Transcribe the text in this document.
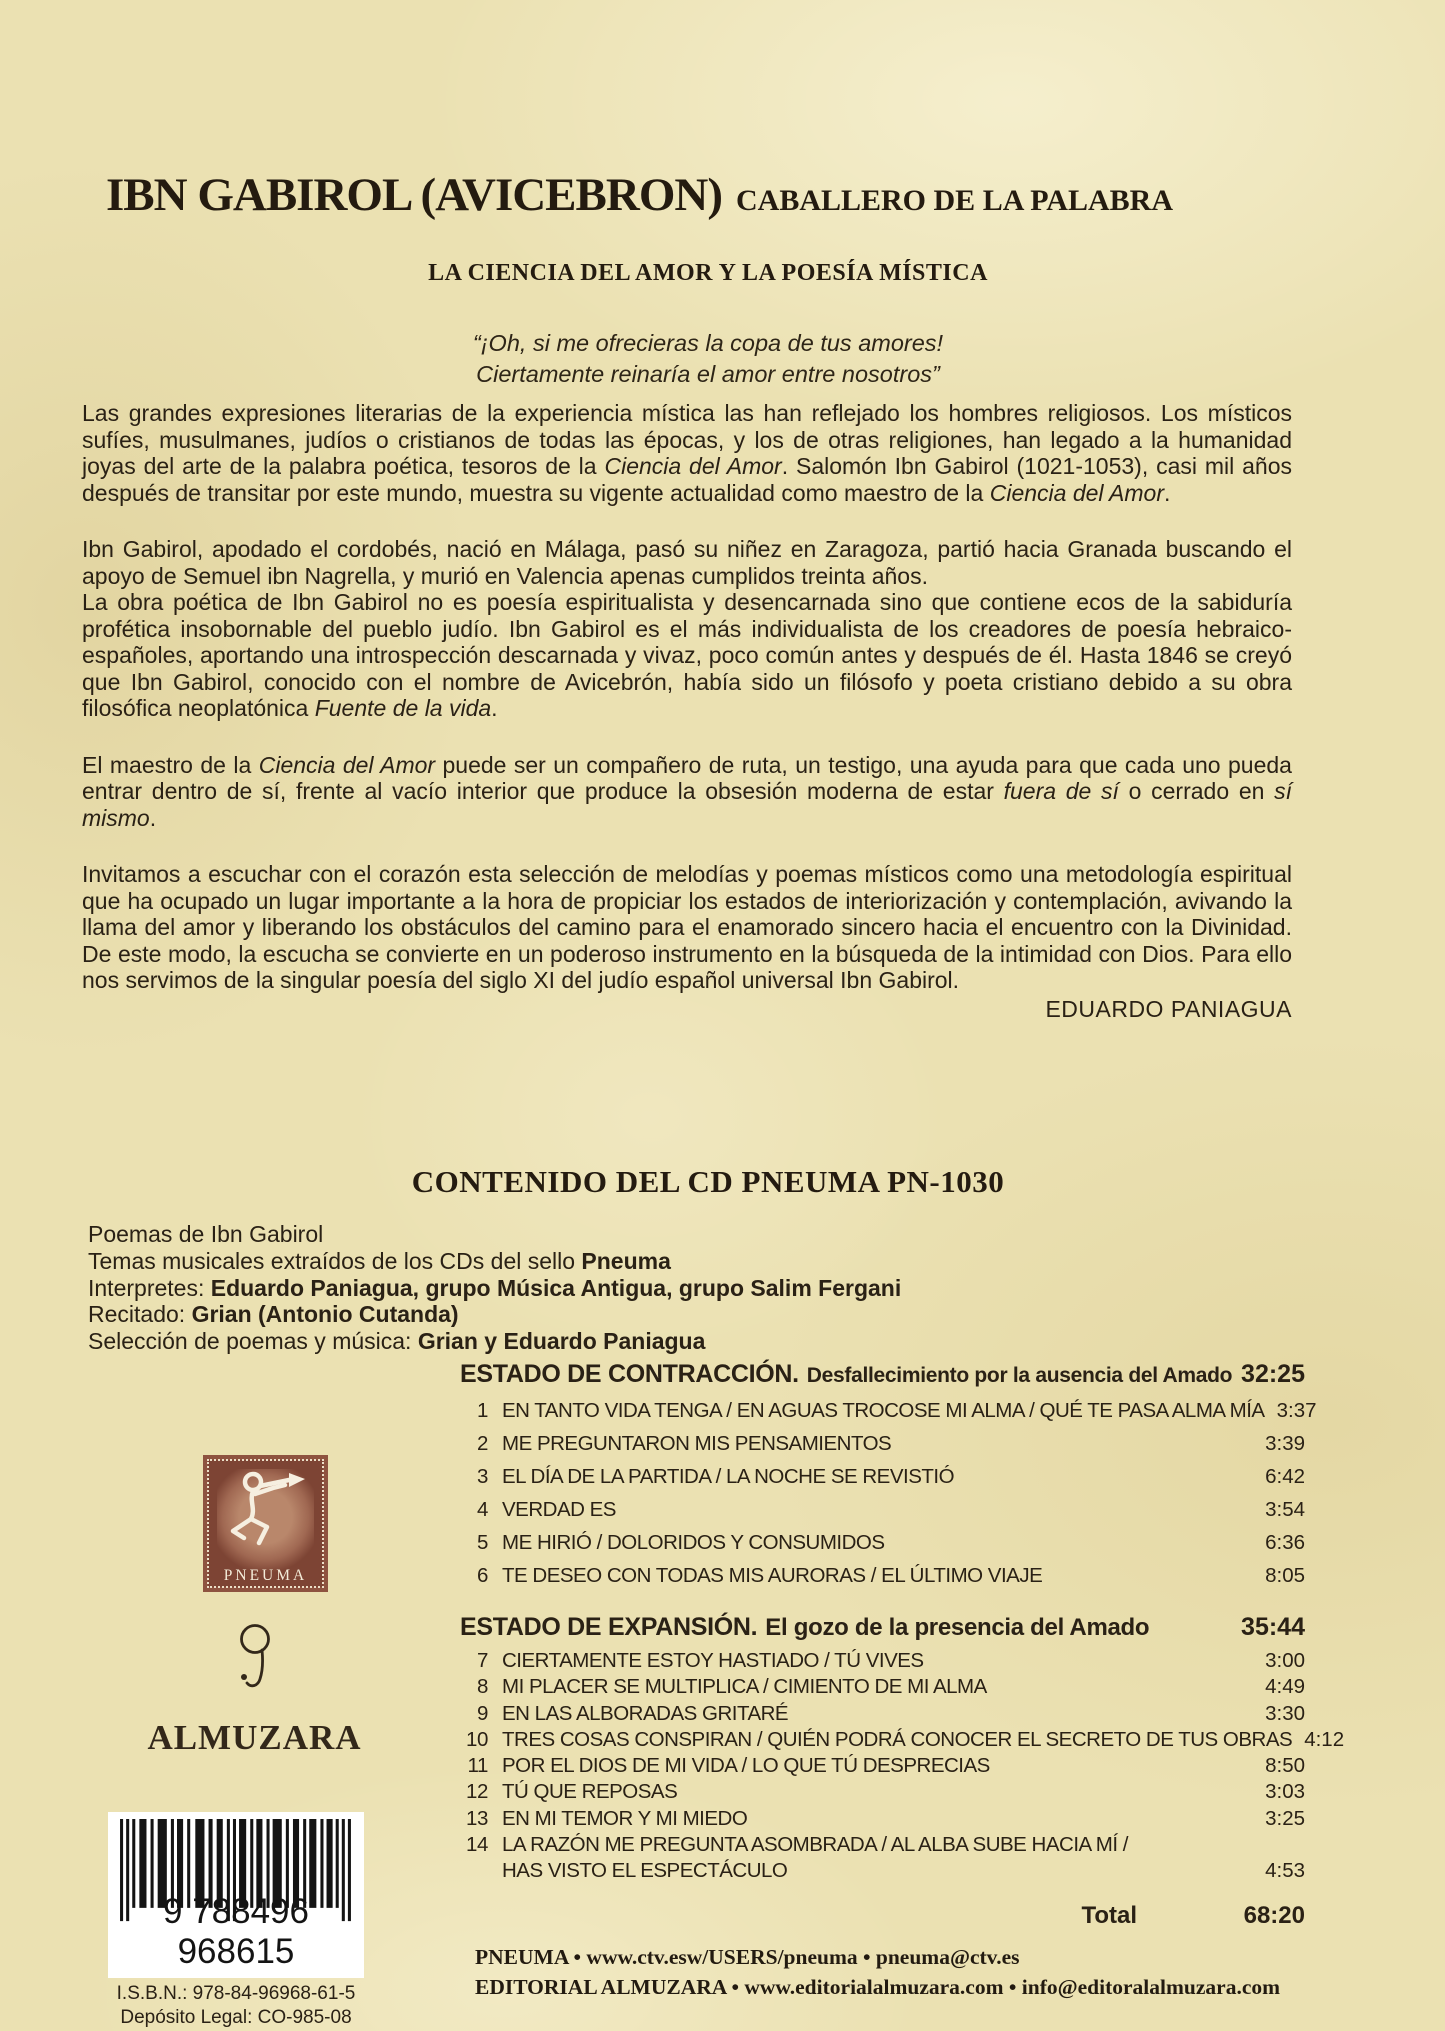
IBN GABIROL (AVICEBRON) CABALLERO DE LA PALABRA
LA CIENCIA DEL AMOR Y LA POESÍA MÍSTICA
“¡Oh, si me ofrecieras la copa de tus amores!
Ciertamente reinaría el amor entre nosotros”

Las grandes expresiones literarias de la experiencia mística las han reflejado los hombres religiosos. Los místicos sufíes, musulmanes, judíos o cristianos de todas las épocas, y los de otras religiones, han legado a la humanidad joyas del arte de la palabra poética, tesoros de la Ciencia del Amor. Salomón Ibn Gabirol (1021-1053), casi mil años después de transitar por este mundo, muestra su vigente actualidad como maestro de la Ciencia del Amor.

Ibn Gabirol, apodado el cordobés, nació en Málaga, pasó su niñez en Zaragoza, partió hacia Granada buscando el apoyo de Semuel ibn Nagrella, y murió en Valencia apenas cumplidos treinta años.

La obra poética de Ibn Gabirol no es poesía espiritualista y desencarnada sino que contiene ecos de la sabiduría profética insobornable del pueblo judío. Ibn Gabirol es el más individualista de los creadores de poesía hebraico-españoles, aportando una introspección descarnada y vivaz, poco común antes y después de él. Hasta 1846 se creyó que Ibn Gabirol, conocido con el nombre de Avicebrón, había sido un filósofo y poeta cristiano debido a su obra filosófica neoplatónica Fuente de la vida.

El maestro de la Ciencia del Amor puede ser un compañero de ruta, un testigo, una ayuda para que cada uno pueda entrar dentro de sí, frente al vacío interior que produce la obsesión moderna de estar fuera de sí o cerrado en sí mismo.

Invitamos a escuchar con el corazón esta selección de melodías y poemas místicos como una metodología espiritual que ha ocupado un lugar importante a la hora de propiciar los estados de interiorización y contemplación, avivando la llama del amor y liberando los obstáculos del camino para el enamorado sincero hacia el encuentro con la Divinidad. De este modo, la escucha se convierte en un poderoso instrumento en la búsqueda de la intimidad con Dios. Para ello nos servimos de la singular poesía del siglo XI del judío español universal Ibn Gabirol.

EDUARDO PANIAGUA
CONTENIDO DEL CD PNEUMA PN-1030
Poemas de Ibn Gabirol
Temas musicales extraídos de los CDs del sello Pneuma
Interpretes: Eduardo Paniagua, grupo Música Antigua, grupo Salim Fergani
Recitado: Grian (Antonio Cutanda)
Selección de poemas y música: Grian y Eduardo Paniagua
ESTADO DE CONTRACCIÓN. Desfallecimiento por la ausencia del Amado 32:25
1 EN TANTO VIDA TENGA / EN AGUAS TROCOSE MI ALMA / QUÉ TE PASA ALMA MÍA 3:37
2 ME PREGUNTARON MIS PENSAMIENTOS	3:39
3 EL DÍA DE LA PARTIDA / LA NOCHE SE REVISTIÓ	6:42
4 VERDAD ES	3:54
5 ME HIRIÓ / DOLORIDOS Y CONSUMIDOS	6:36
6 TE DESEO CON TODAS MIS AURORAS / EL ÚLTIMO VIAJE	8:05
ESTADO DE EXPANSIÓN. El gozo de la presencia del Amado	35:44
7 CIERTAMENTE ESTOY HASTIADO / TÚ VIVES	3:00
8 MI PLACER SE MULTIPLICA / CIMIENTO DE MI ALMA	4:49
9 EN LAS ALBORADAS GRITARÉ	3:30
10 TRES COSAS CONSPIRAN / QUIÉN PODRÁ CONOCER EL SECRETO DE TUS OBRAS 4:12
11 POR EL DIOS DE MI VIDA / LO QUE TÚ DESPRECIAS	8:50
12 TÚ QUE REPOSAS	3:03
13 EN MI TEMOR Y MI MIEDO	3:25
14 LA RAZÓN ME PREGUNTA ASOMBRADA / AL ALBA SUBE HACIA MÍ /
HAS VISTO EL ESPECTÁCULO	4:53
Total	68:20
PNEUMA
ALMUZARA
9 788496 968615
I.S.B.N.: 978-84-96968-61-5
Depósito Legal: CO-985-08
PNEUMA • www.ctv.esw/USERS/pneuma • pneuma@ctv.es
EDITORIAL ALMUZARA • www.editorialalmuzara.com • info@editoralalmuzara.com
